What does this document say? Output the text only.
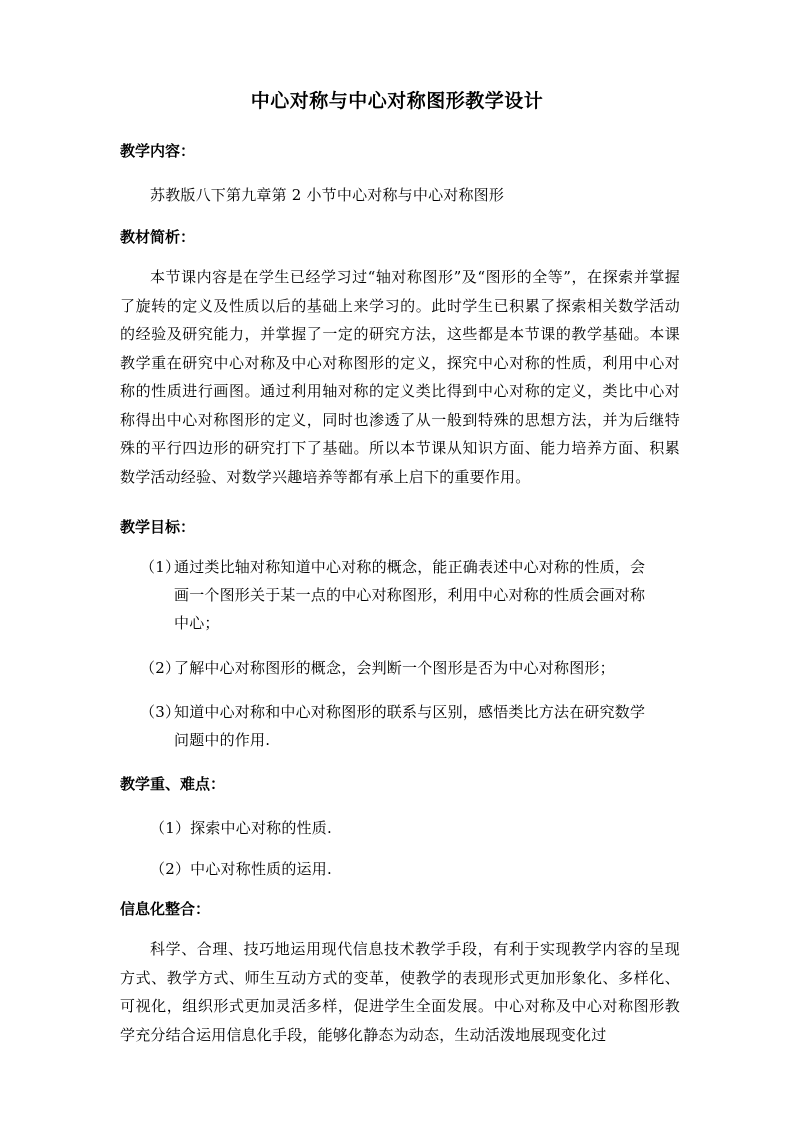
中心对称与中心对称图形教学设计
教学内容：
苏教版八下第九章第 2 小节中心对称与中心对称图形
教材简析：
本节课内容是在学生已经学习过“轴对称图形”及“图形的全等”，在探索并掌握了旋转的定义及性质以后的基础上来学习的。此时学生已积累了探索相关数学活动的经验及研究能力，并掌握了一定的研究方法，这些都是本节课的教学基础。本课教学重在研究中心对称及中心对称图形的定义，探究中心对称的性质，利用中心对称的性质进行画图。通过利用轴对称的定义类比得到中心对称的定义，类比中心对称得出中心对称图形的定义，同时也渗透了从一般到特殊的思想方法，并为后继特殊的平行四边形的研究打下了基础。所以本节课从知识方面、能力培养方面、积累数学活动经验、对数学兴趣培养等都有承上启下的重要作用。
教学目标：
（1）
通过类比轴对称知道中心对称的概念，能正确表述中心对称的性质，会
画一个图形关于某一点的中心对称图形，利用中心对称的性质会画对称
中心；
（2）
了解中心对称图形的概念，会判断一个图形是否为中心对称图形；
（3）
知道中心对称和中心对称图形的联系与区别，感悟类比方法在研究数学
问题中的作用.
教学重、难点：
（1）探索中心对称的性质.
（2）中心对称性质的运用.
信息化整合：
科学、合理、技巧地运用现代信息技术教学手段，有利于实现教学内容的呈现方式、教学方式、师生互动方式的变革，使教学的表现形式更加形象化、多样化、可视化，组织形式更加灵活多样，促进学生全面发展。中心对称及中心对称图形教学充分结合运用信息化手段，能够化静态为动态，生动活泼地展现变化过
